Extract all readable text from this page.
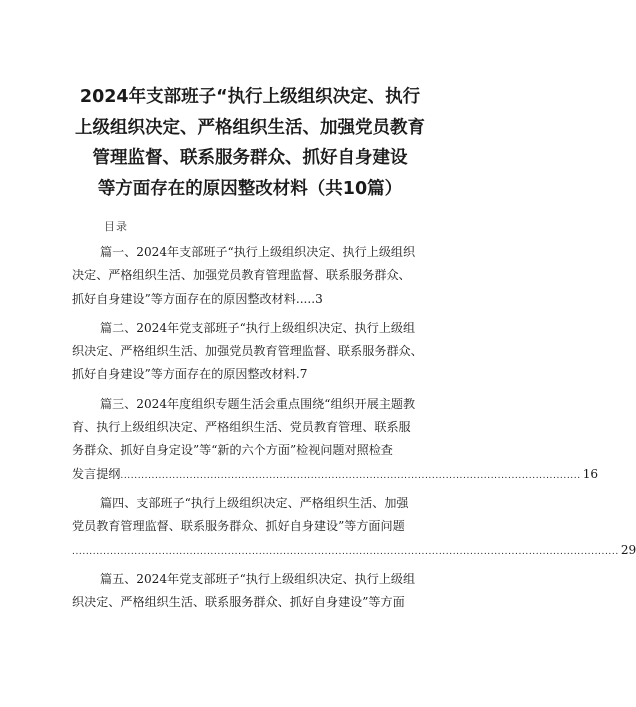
2024年支部班子“执行上级组织决定、执行
上级组织决定、严格组织生活、加强党员教育
管理监督、联系服务群众、抓好自身建设
等方面存在的原因整改材料（共10篇）
目录
篇一、2024年支部班子“执行上级组织决定、执行上级组织
决定、严格组织生活、加强党员教育管理监督、联系服务群众、
抓好自身建设”等方面存在的原因整改材料.....3
篇二、2024年党支部班子“执行上级组织决定、执行上级组
织决定、严格组织生活、加强党员教育管理监督、联系服务群众、
抓好自身建设”等方面存在的原因整改材料.7
篇三、2024年度组织专题生活会重点围绕“组织开展主题教
育、执行上级组织决定、严格组织生活、党员教育管理、联系服
务群众、抓好自身定设”等“新的六个方面”检视问题对照检查
发言提纲 ..................................................................................................................................... 16
篇四、支部班子“执行上级组织决定、严格组织生活、加强
党员教育管理监督、联系服务群众、抓好自身建设”等方面问题
.............................................................................................................................................................. 29
篇五、2024年党支部班子“执行上级组织决定、执行上级组
织决定、严格组织生活、联系服务群众、抓好自身建设”等方面
